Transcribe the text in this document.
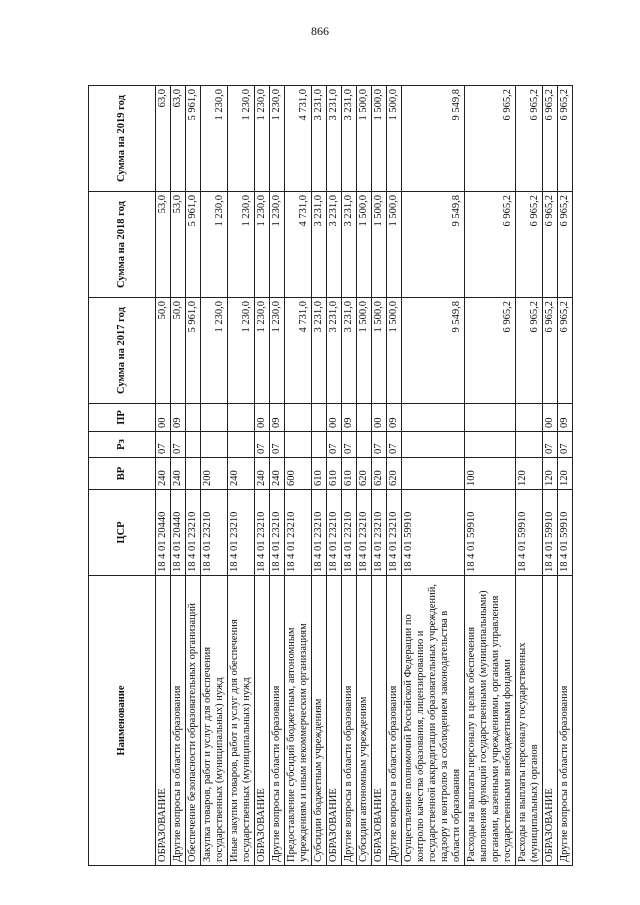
866
Наименование	ЦСР	ВР	Рз	ПР	Сумма на 2017 год	Сумма на 2018 год	Сумма на 2019 год
ОБРАЗОВАНИЕ	18 4 01 20440	240	07	00	50,0	53,0	63,0
Другие вопросы в области образования	18 4 01 20440	240	07	09	50,0	53,0	63,0
Обеспечение безопасности образовательных организаций	18 4 01 23210				5 961,0	5 961,0	5 961,0
Закупка товаров, работ и услуг для обеспечения государственных (муниципальных) нужд	18 4 01 23210	200			1 230,0	1 230,0	1 230,0
Иные закупки товаров, работ и услуг для обеспечения государственных (муниципальных) нужд	18 4 01 23210	240			1 230,0	1 230,0	1 230,0
ОБРАЗОВАНИЕ	18 4 01 23210	240	07	00	1 230,0	1 230,0	1 230,0
Другие вопросы в области образования	18 4 01 23210	240	07	09	1 230,0	1 230,0	1 230,0
Предоставление субсидий бюджетным, автономным учреждениям и иным некоммерческим организациям	18 4 01 23210	600			4 731,0	4 731,0	4 731,0
Субсидии бюджетным учреждениям	18 4 01 23210	610			3 231,0	3 231,0	3 231,0
ОБРАЗОВАНИЕ	18 4 01 23210	610	07	00	3 231,0	3 231,0	3 231,0
Другие вопросы в области образования	18 4 01 23210	610	07	09	3 231,0	3 231,0	3 231,0
Субсидии автономным учреждениям	18 4 01 23210	620			1 500,0	1 500,0	1 500,0
ОБРАЗОВАНИЕ	18 4 01 23210	620	07	00	1 500,0	1 500,0	1 500,0
Другие вопросы в области образования	18 4 01 23210	620	07	09	1 500,0	1 500,0	1 500,0
Осуществление полномочий Российской Федерации по контролю качества образования, лицензированию и государственной аккредитации образовательных учреждений, надзору и контролю за соблюдением законодательства в области образования	18 4 01 59910				9 549,8	9 549,8	9 549,8
Расходы на выплаты персоналу в целях обеспечения выполнения функций государственными (муниципальными) органами, казенными учреждениями, органами управления государственными внебюджетными фондами	18 4 01 59910	100			6 965,2	6 965,2	6 965,2
Расходы на выплаты персоналу государственных (муниципальных) органов	18 4 01 59910	120			6 965,2	6 965,2	6 965,2
ОБРАЗОВАНИЕ	18 4 01 59910	120	07	00	6 965,2	6 965,2	6 965,2
Другие вопросы в области образования	18 4 01 59910	120	07	09	6 965,2	6 965,2	6 965,2
